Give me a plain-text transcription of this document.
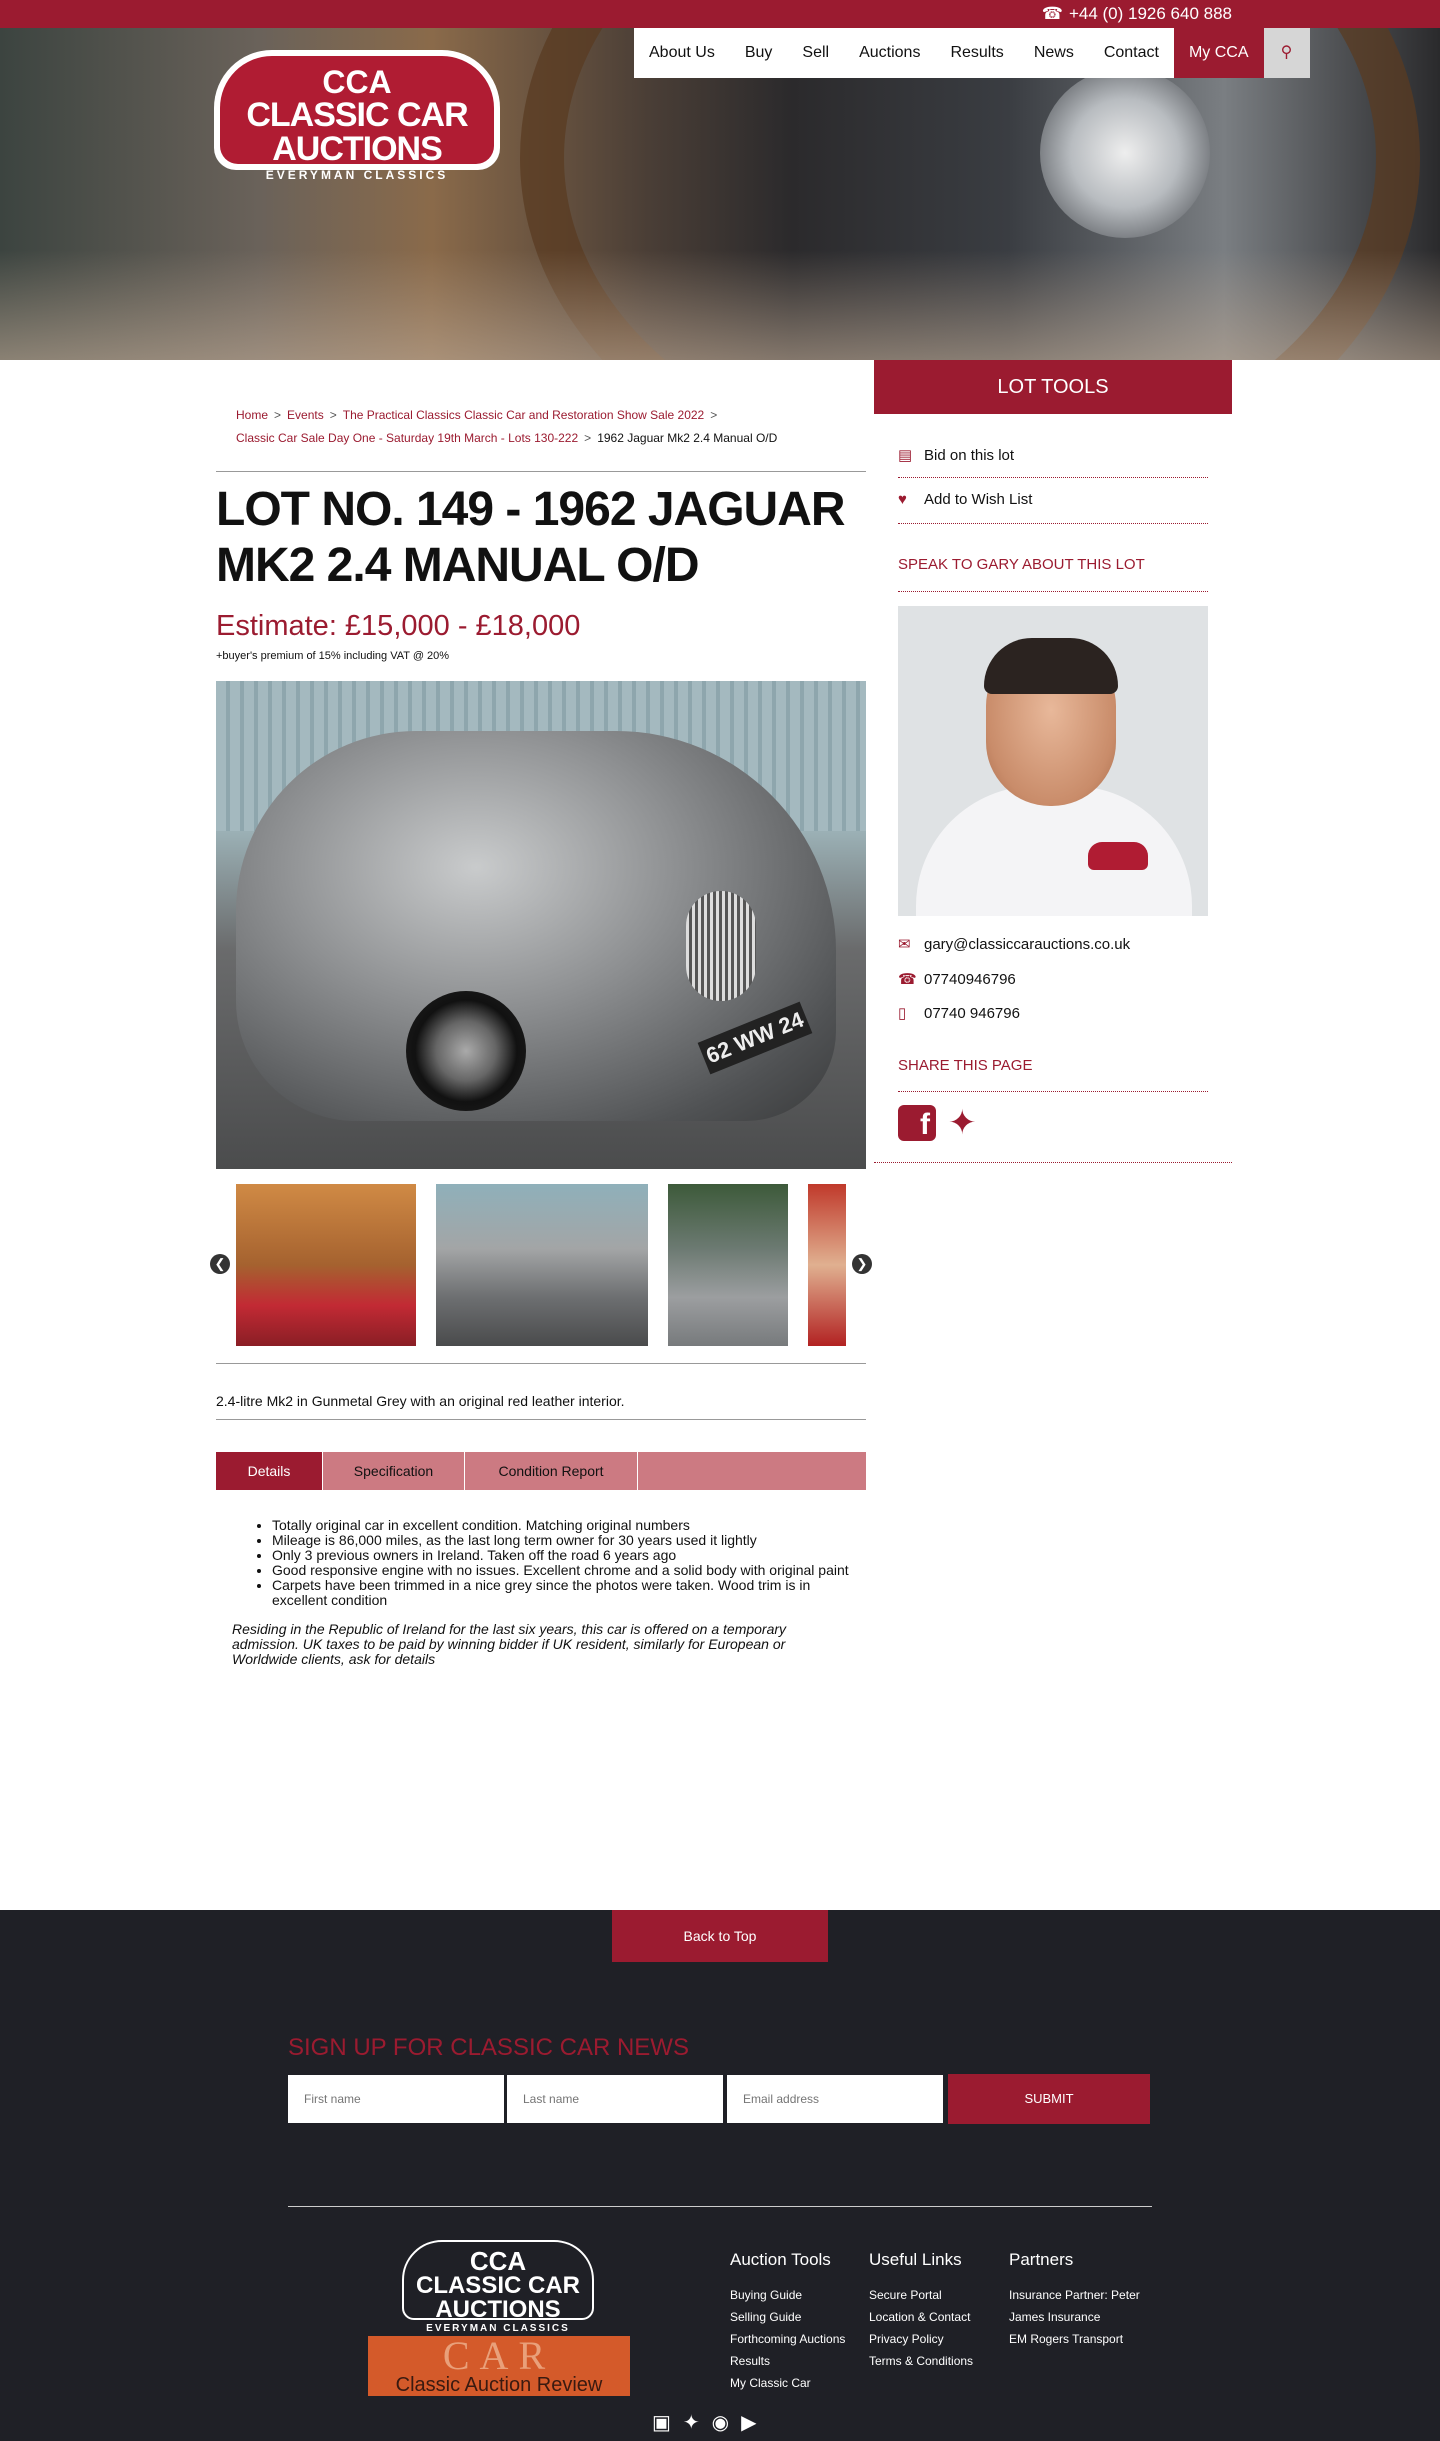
☎ +44 (0) 1926 640 888
CCA
CLASSIC CAR AUCTIONS
EVERYMAN CLASSICS
About Us	Buy	Sell	Auctions	Results	News	Contact	My CCA	⚲
Home > Events > The Practical Classics Classic Car and Restoration Show Sale 2022 >
Classic Car Sale Day One - Saturday 19th March - Lots 130-222 > 1962 Jaguar Mk2 2.4 Manual O/D
LOT NO. 149 - 1962 JAGUAR MK2 2.4 MANUAL O/D
Estimate: £15,000 - £18,000
+buyer's premium of 15% including VAT @ 20%
62 WW 24
❮	❯
2.4-litre Mk2 in Gunmetal Grey with an original red leather interior.
Details	Specification	Condition Report
• Totally original car in excellent condition. Matching original numbers
• Mileage is 86,000 miles, as the last long term owner for 30 years used it lightly
• Only 3 previous owners in Ireland. Taken off the road 6 years ago
• Good responsive engine with no issues. Excellent chrome and a solid body with original paint
• Carpets have been trimmed in a nice grey since the photos were taken. Wood trim is in excellent condition

Residing in the Republic of Ireland for the last six years, this car is offered on a temporary admission. UK taxes to be paid by winning bidder if UK resident, similarly for European or Worldwide clients, ask for details

LOT TOOLS
▤ Bid on this lot
♥	Add to Wish List
SPEAK TO GARY ABOUT THIS LOT
✉ gary@classiccarauctions.co.uk
☎ 07740946796
▯	07740 946796
SHARE THIS PAGE
f ✦
Back to Top
SIGN UP FOR CLASSIC CAR NEWS
First name
Last name
Email address
SUBMIT
CCA
CLASSIC CAR AUCTIONS
EVERYMAN CLASSICS
CAR
Classic Auction Review
Auction Tools
Buying Guide
Selling Guide
Forthcoming Auctions
Results
My Classic Car
Useful Links
Secure Portal
Location & Contact
Privacy Policy
Terms & Conditions
Partners
Insurance Partner: Peter
James Insurance
EM Rogers Transport
▣ ✦ ◉ ▶
